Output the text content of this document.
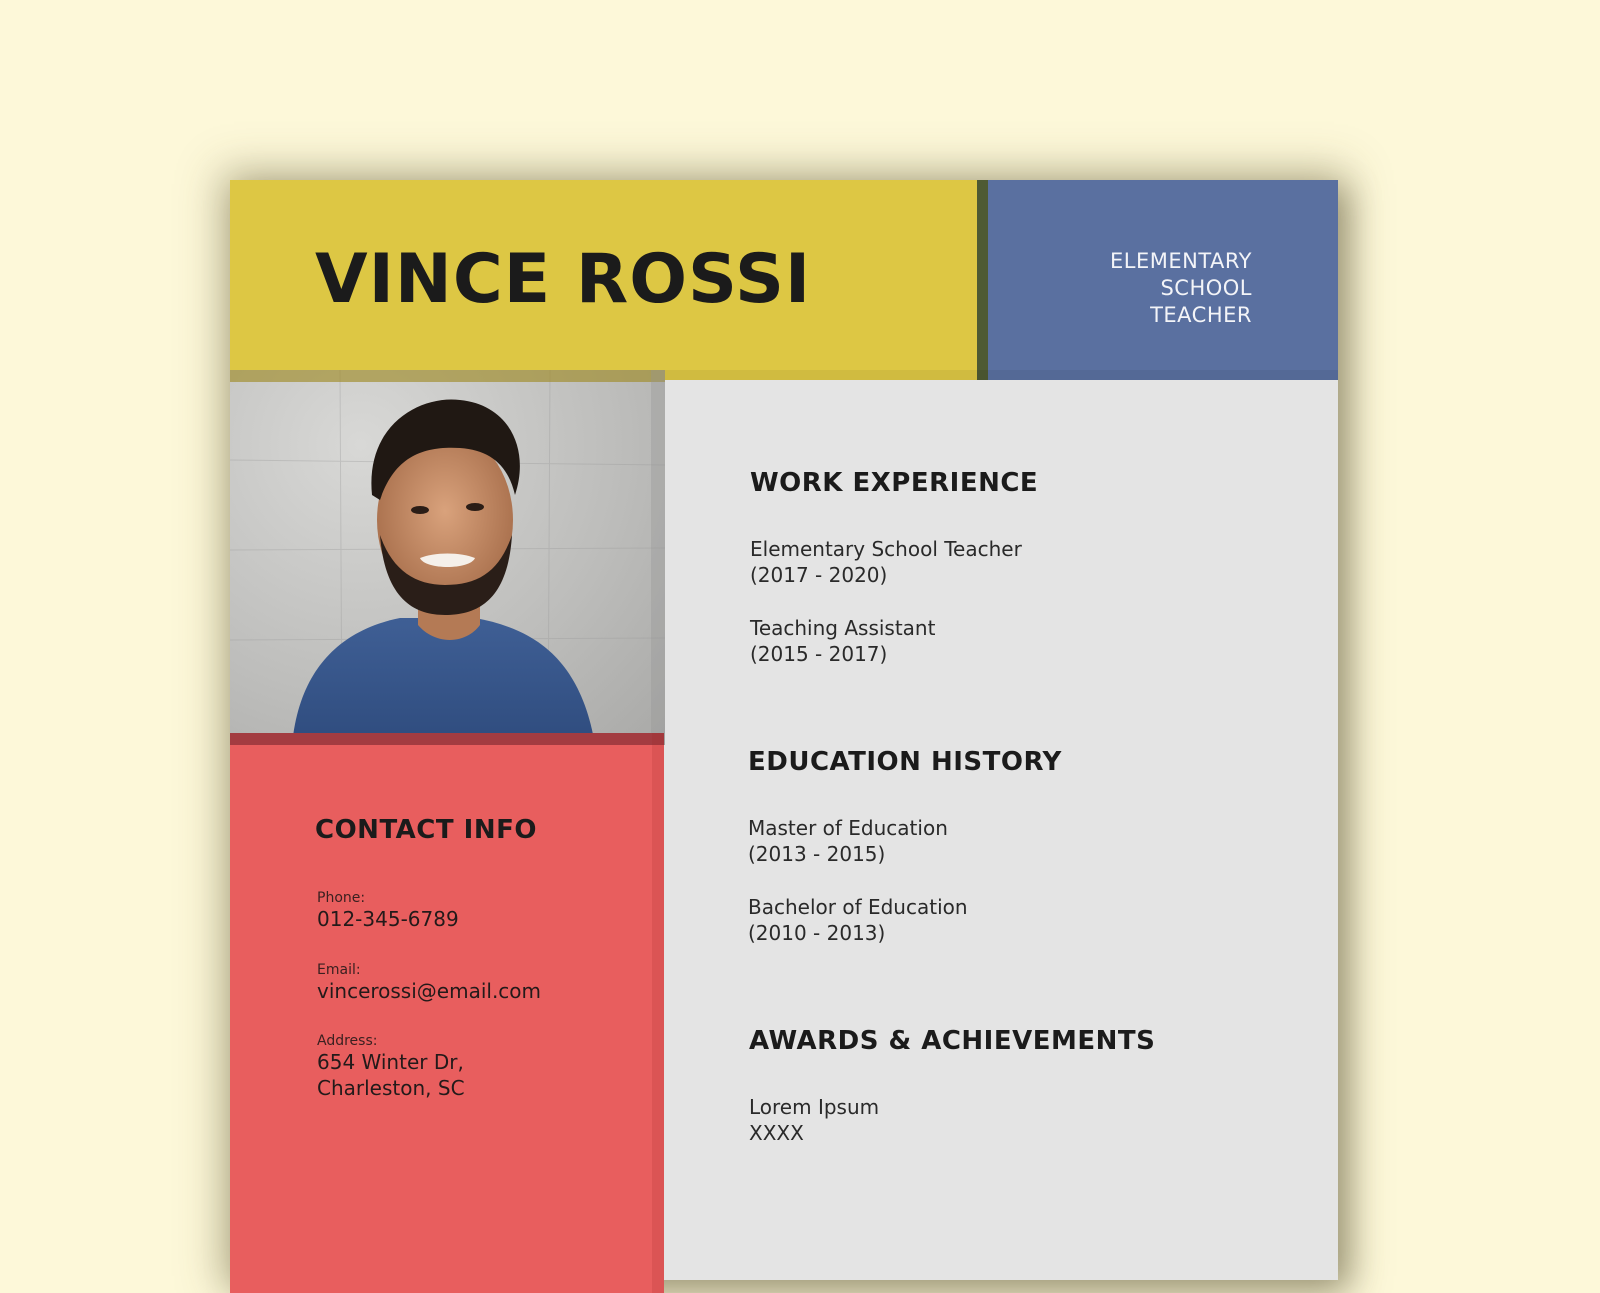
VINCE ROSSI	ELEMENTARY
SCHOOL
TEACHER
CONTACT INFO
Phone:
012-345-6789
Email:
vincerossi@email.com
Address:
654 Winter Dr,
Charleston, SC
WORK EXPERIENCE
Elementary School Teacher
(2017 - 2020)
Teaching Assistant
(2015 - 2017)
EDUCATION HISTORY
Master of Education
(2013 - 2015)
Bachelor of Education
(2010 - 2013)
AWARDS & ACHIEVEMENTS
Lorem Ipsum
XXXX
